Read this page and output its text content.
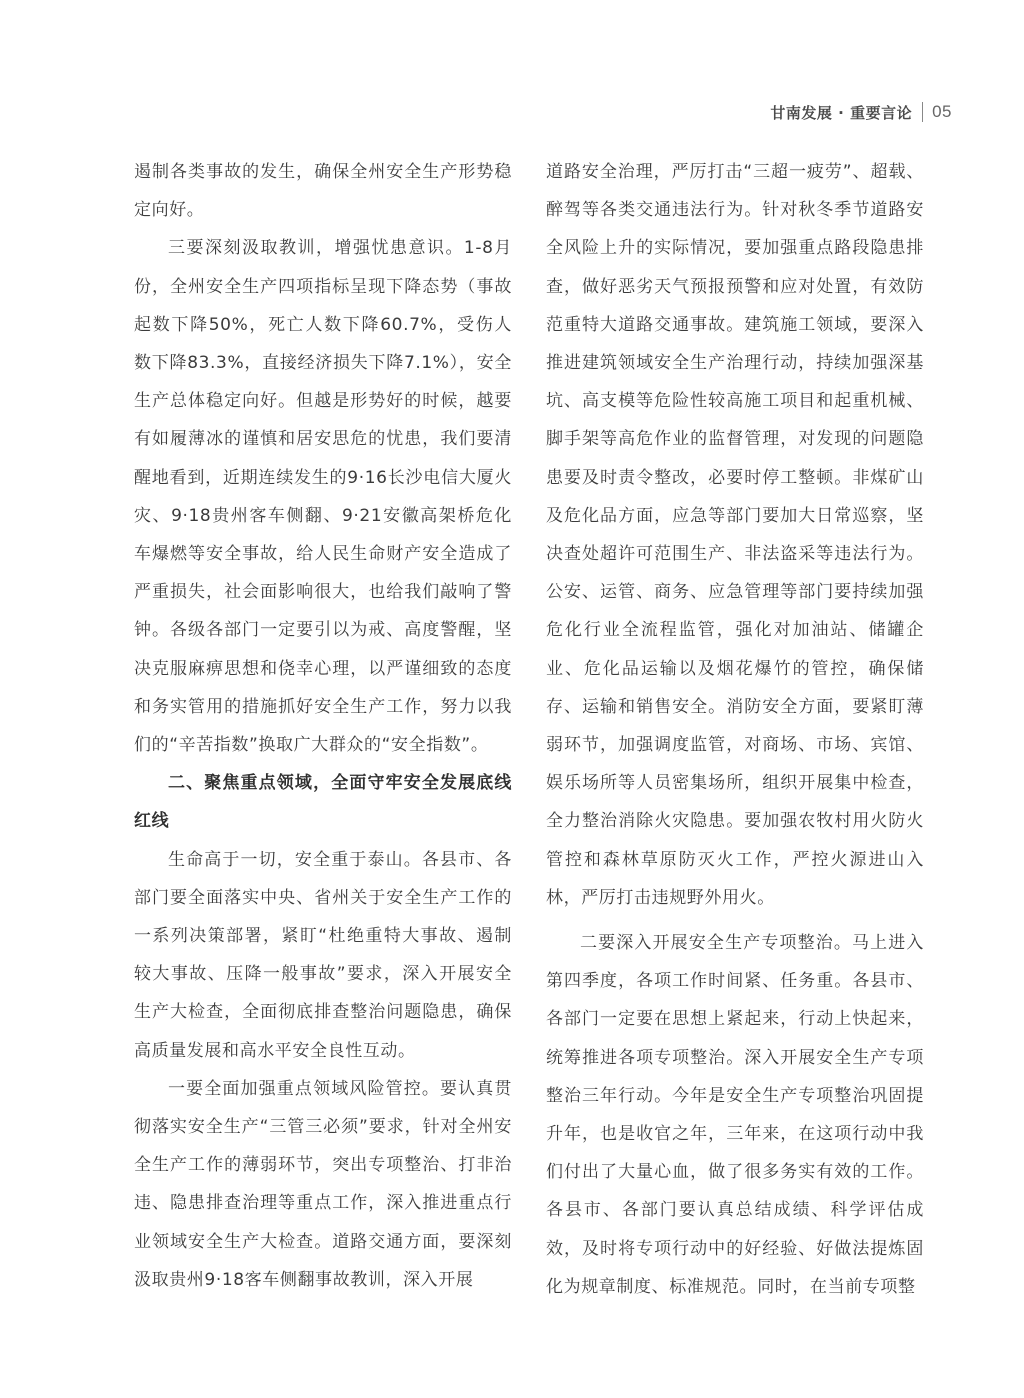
甘南发展 · 重要言论 05

遏制各类事故的发生，确保全州安全生产形势稳定向好。

三要深刻汲取教训，增强忧患意识。1-8月份，全州安全生产四项指标呈现下降态势（事故起数下降50%，死亡人数下降60.7%，受伤人数下降83.3%，直接经济损失下降7.1%），安全生产总体稳定向好。但越是形势好的时候，越要有如履薄冰的谨慎和居安思危的忧患，我们要清醒地看到，近期连续发生的9·16长沙电信大厦火灾、9·18贵州客车侧翻、9·21安徽高架桥危化车爆燃等安全事故，给人民生命财产安全造成了严重损失，社会面影响很大，也给我们敲响了警钟。各级各部门一定要引以为戒、高度警醒，坚决克服麻痹思想和侥幸心理，以严谨细致的态度和务实管用的措施抓好安全生产工作，努力以我们的“辛苦指数”换取广大群众的“安全指数”。

二、聚焦重点领域，全面守牢安全发展底线红线

生命高于一切，安全重于泰山。各县市、各部门要全面落实中央、省州关于安全生产工作的一系列决策部署，紧盯“杜绝重特大事故、遏制较大事故、压降一般事故”要求，深入开展安全生产大检查，全面彻底排查整治问题隐患，确保高质量发展和高水平安全良性互动。

一要全面加强重点领域风险管控。要认真贯彻落实安全生产“三管三必须”要求，针对全州安全生产工作的薄弱环节，突出专项整治、打非治违、隐患排查治理等重点工作，深入推进重点行业领域安全生产大检查。道路交通方面，要深刻汲取贵州9·18客车侧翻事故教训，深入开展

道路安全治理，严厉打击“三超一疲劳”、超载、醉驾等各类交通违法行为。针对秋冬季节道路安全风险上升的实际情况，要加强重点路段隐患排查，做好恶劣天气预报预警和应对处置，有效防范重特大道路交通事故。建筑施工领域，要深入推进建筑领域安全生产治理行动，持续加强深基坑、高支模等危险性较高施工项目和起重机械、脚手架等高危作业的监督管理，对发现的问题隐患要及时责令整改，必要时停工整顿。非煤矿山及危化品方面，应急等部门要加大日常巡察，坚决查处超许可范围生产、非法盗采等违法行为。公安、运管、商务、应急管理等部门要持续加强危化行业全流程监管，强化对加油站、储罐企业、危化品运输以及烟花爆竹的管控，确保储存、运输和销售安全。消防安全方面，要紧盯薄弱环节，加强调度监管，对商场、市场、宾馆、娱乐场所等人员密集场所，组织开展集中检查，全力整治消除火灾隐患。要加强农牧村用火防火管控和森林草原防灭火工作，严控火源进山入林，严厉打击违规野外用火。

二要深入开展安全生产专项整治。马上进入第四季度，各项工作时间紧、任务重。各县市、各部门一定要在思想上紧起来，行动上快起来，统筹推进各项专项整治。深入开展安全生产专项整治三年行动。今年是安全生产专项整治巩固提升年，也是收官之年，三年来，在这项行动中我们付出了大量心血，做了很多务实有效的工作。各县市、各部门要认真总结成绩、科学评估成效，及时将专项行动中的好经验、好做法提炼固化为规章制度、标准规范。同时，在当前专项整
